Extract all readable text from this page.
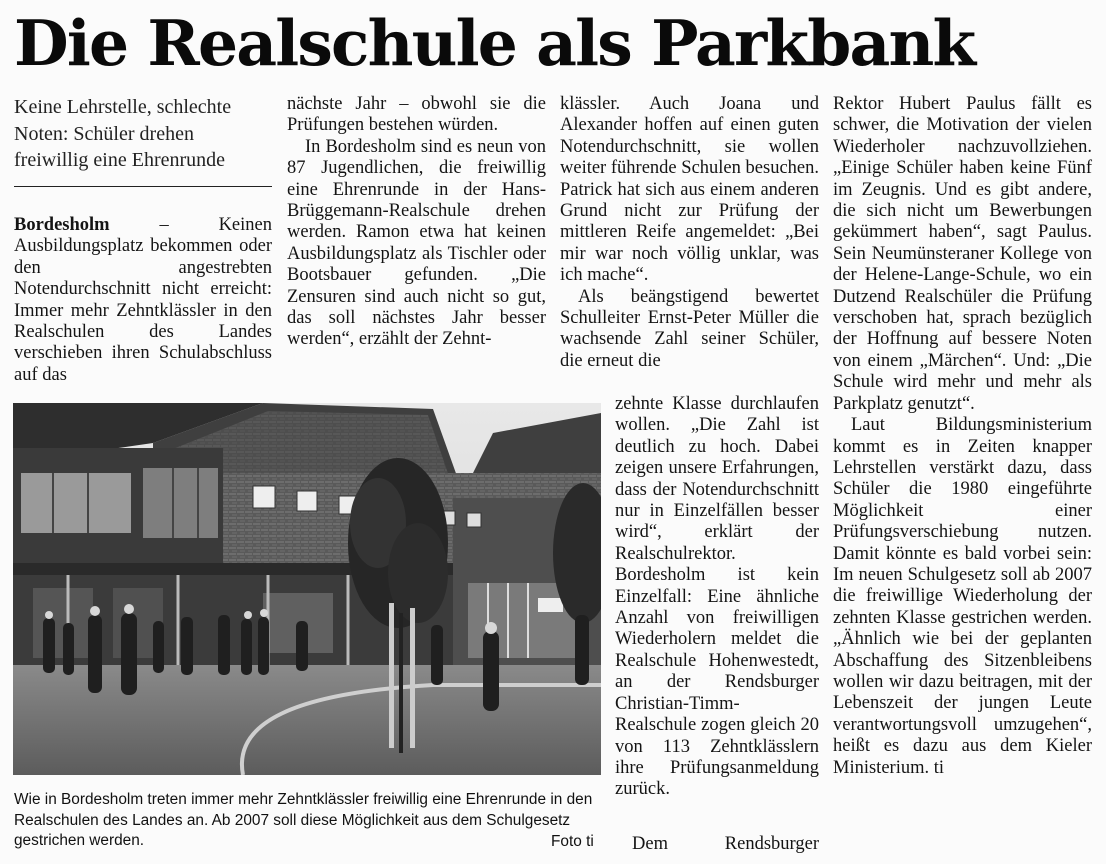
Die Realschule als Parkbank

Keine Lehrstelle, schlechte Noten: Schüler drehen freiwillig eine Ehrenrunde

Bordesholm – Keinen Ausbildungsplatz bekommen oder den angestrebten Notendurchschnitt nicht erreicht: Immer mehr Zehntklässler in den Realschulen des Landes verschieben ihren Schulabschluss auf das

nächste Jahr – obwohl sie die Prüfungen bestehen würden.

In Bordesholm sind es neun von 87 Jugendlichen, die freiwillig eine Ehrenrunde in der Hans-Brüggemann-Realschule drehen werden. Ramon etwa hat keinen Ausbildungsplatz als Tischler oder Bootsbauer gefunden. „Die Zensuren sind auch nicht so gut, das soll nächstes Jahr besser werden“, erzählt der Zehnt-

klässler. Auch Joana und Alexander hoffen auf einen guten Notendurchschnitt, sie wollen weiter führende Schulen besuchen. Patrick hat sich aus einem anderen Grund nicht zur Prüfung der mittleren Reife angemeldet: „Bei mir war noch völlig unklar, was ich mache“.

Als beängstigend bewertet Schulleiter Ernst-Peter Müller die wachsende Zahl seiner Schüler, die erneut die

zehnte Klasse durchlaufen wollen. „Die Zahl ist deutlich zu hoch. Dabei zeigen unsere Erfahrungen, dass der Notendurchschnitt nur in Einzelfällen besser wird“, erklärt der Realschulrektor. Bordesholm ist kein Einzelfall: Eine ähnliche Anzahl von freiwilligen Wiederholern meldet die Realschule Hohenwestedt, an der Rendsburger Christian-Timm-Realschule zogen gleich 20 von 113 Zehntklässlern ihre Prüfungsanmeldung zurück.

Dem Rendsburger

Rektor Hubert Paulus fällt es schwer, die Motivation der vielen Wiederholer nachzuvollziehen. „Einige Schüler haben keine Fünf im Zeugnis. Und es gibt andere, die sich nicht um Bewerbungen gekümmert haben“, sagt Paulus. Sein Neumünsteraner Kollege von der Helene-Lange-Schule, wo ein Dutzend Realschüler die Prüfung verschoben hat, sprach bezüglich der Hoffnung auf bessere Noten von einem „Märchen“. Und: „Die Schule wird mehr und mehr als Parkplatz genutzt“.

Laut Bildungsministerium kommt es in Zeiten knapper Lehrstellen verstärkt dazu, dass Schüler die 1980 eingeführte Möglichkeit einer Prüfungsverschiebung nutzen. Damit könnte es bald vorbei sein: Im neuen Schulgesetz soll ab 2007 die freiwillige Wiederholung der zehnten Klasse gestrichen werden. „Ähnlich wie bei der geplanten Abschaffung des Sitzenbleibens wollen wir dazu beitragen, mit der Lebenszeit der jungen Leute verantwortungsvoll umzugehen“, heißt es dazu aus dem Kieler Ministerium. ti

Wie in Bordesholm treten immer mehr Zehntklässler freiwillig eine Ehrenrunde in den Realschulen des Landes an. Ab 2007 soll diese Möglichkeit aus dem Schulgesetz gestrichen werden.	Foto ti
